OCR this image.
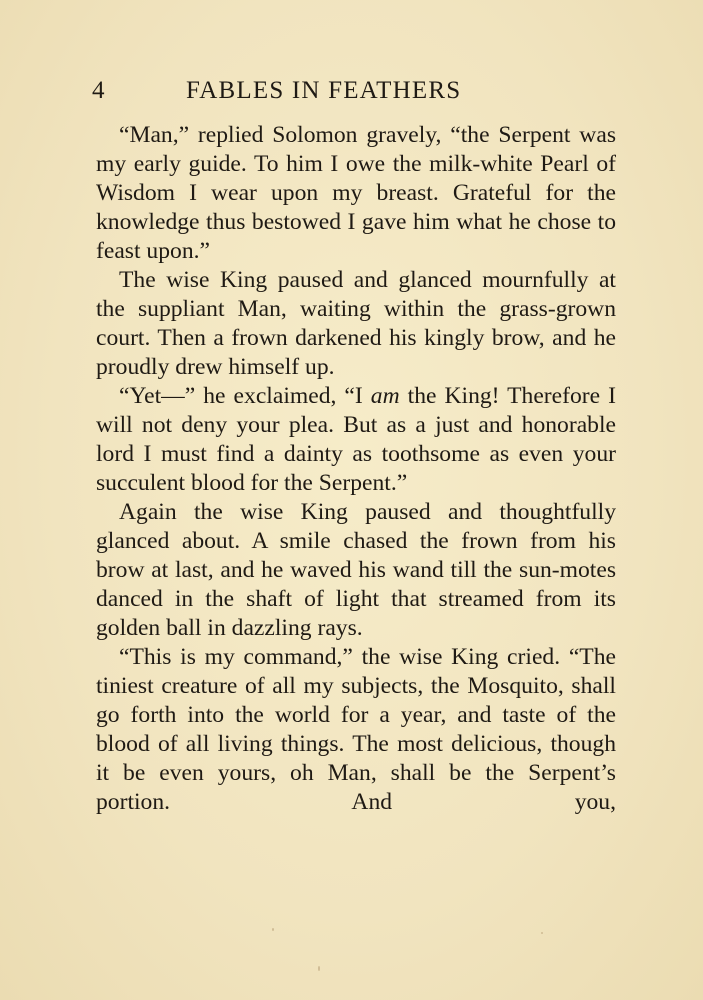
4	FABLES IN FEATHERS

“Man,” replied Solomon gravely, “the Serpent was my early guide. To him I owe the milk-white Pearl of Wisdom I wear upon my breast. Grateful for the knowledge thus bestowed I gave him what he chose to feast upon.”

The wise King paused and glanced mournfully at the suppliant Man, waiting within the grass-grown court. Then a frown darkened his kingly brow, and he proudly drew himself up.

“Yet—” he exclaimed, “I am the King! Therefore I will not deny your plea. But as a just and honorable lord I must find a dainty as toothsome as even your succulent blood for the Serpent.”

Again the wise King paused and thoughtfully glanced about. A smile chased the frown from his brow at last, and he waved his wand till the sun-motes danced in the shaft of light that streamed from its golden ball in dazzling rays.

“This is my command,” the wise King cried. “The tiniest creature of all my subjects, the Mosquito, shall go forth into the world for a year, and taste of the blood of all living things. The most delicious, though it be even yours, oh Man, shall be the Serpent’s portion. And you,
